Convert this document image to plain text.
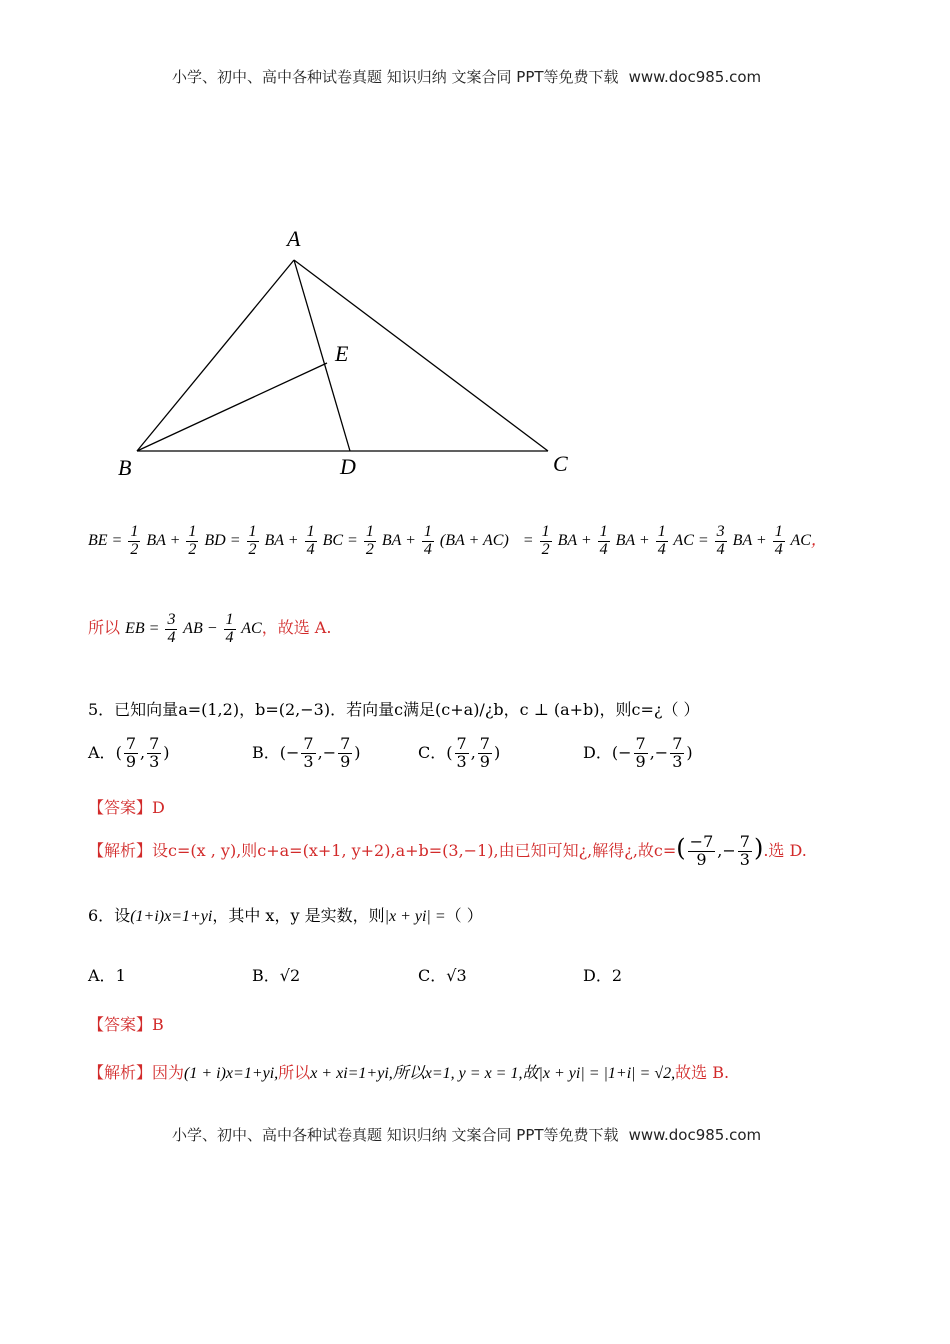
小学、初中、高中各种试卷真题 知识归纳 文案合同 PPT等免费下载 www.doc985.com
A
E
B	D	C
BE = $\frac{1}{2}$ BA + $\frac{1}{2}$ BD = $\frac{1}{2}$ BA + $\frac{1}{4}$ BC = $\frac{1}{2}$ BA + $\frac{1}{4} (BA + AC) = \frac{1}{2}$ BA + $\frac{1}{4}$ BA + $\frac{1}{4}$ AC = $\frac{3}{4}$ BA + $\frac{1}{4}$ AC，
所以 EB = $\frac{3}{4}$ AB − $\frac{1}{4}$ AC，故选 A.
5．已知向量a=(1,2)，b=(2,−3)．若向量c满足(c+a)/¿b，c ⊥ (a+b)，则c=¿（ ）
A．( $\frac{7}{9}$ , $\frac{7}{3}$ )	B．(− $\frac{7}{3}$ ,− $\frac{7}{9}$ )	C．( $\frac{7}{3}$ , $\frac{7}{9}$ )	D．(− $\frac{7}{9}$ ,− $\frac{7}{3}$ )
【答案】D
【解析】设c=(x , y),则c+a=(x+1, y+2),a+b=(3,−1),由已知可知¿,解得¿,故$c=( \frac{-7}{9}$ ,− $\frac{7}{3}$ ).选 D.
6．设(1+i)x=1+yi，其中 x，y 是实数，则|x + yi| =（ ）
A．1	B．√2	C．√3	D．2
【答案】B
【解析】因为(1 + i)x=1+yi,所以x + xi=1+yi,所以x=1, y = x = 1,故|x + yi| = |1+i| = √2,故选 B.
小学、初中、高中各种试卷真题 知识归纳 文案合同 PPT等免费下载 www.doc985.com
